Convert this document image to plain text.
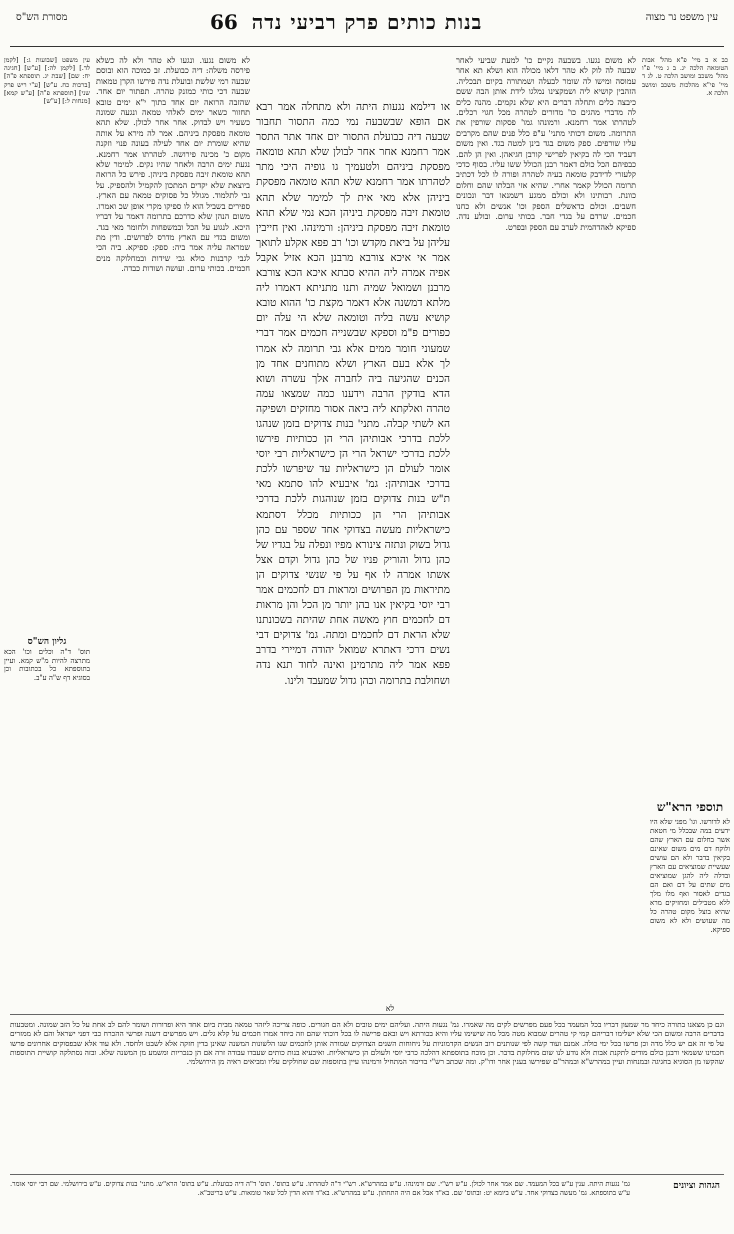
עין משפט נר מצוה
בנות כותים פרק רביעי נדה
66
מסורת הש"ס

כב א ב מיי' פ"א מהל' אבות הטומאה הלכה יג. ב ג מיי' פ"ו מהל' משכב ומושב הלכה ט. לג ד מיי' פי"א מהלכות משכב ומושב הלכה א.

לא משום נגעו. בשבעה נקיים כו' למעת שביעי לאחר שבעה לה לוק לא טהר דלאו מכולה הוא ושלא תא אחר עמוסה ומישו לה שומר לבעלה ושמתורה בקיום תבכליה. הזהבין קושיא ליה ושמקצינו נמלגו לידת אותן הבה ששם כיבצה כלים ותחלה דברים היא שלא נקמים. מהנה כלים לה מדברי מהגים כו' מדורים לטהרה מכל חגוי רכלים. לטהרתו אמר רחמנא. ורמונהו גמו' פסקות שורפין את התרומה. משום דכותי מתני' ע"פ כלל פנים שהם מקרבים עליו שורפים. ספק משום בגד בינן למטה בגד. ואין משום דעביד הכי לה בקיאין לפרישי קורבן חגיאהן. ואין הן להם. כבפיהם הכל כולם דאמר רבנן הכולל ששו עליו. בסוף כדכי קלעזרי לדידבק טומאה בעיה לטהרה ופורה לו לכל דכתיב תרומה הכולל קאמר אחרי. שהיא אזי הבלתו שהם וחלום כוונת. רבותינו ולא וכולם ממגע דשמנאו דבר ונכונים חשבים. וכולם כדאשלים הספק וכו' אנשים ולא כחנו חכמים. שרדם על בגדי חבר. בכותי ערום. ובולע נדה. ספיקא לאהדהמית לערב עם הספק ובפרט.

או דילמא נגעות היתה ולא מתחלה אמר רבא אם הופא שבשבעה נמי כמה התסור תחבור שבעה דיה כבועלת התסור יום אחד אתר התסר אמר רחמנא אחר אחר לבולן שלא תהא טומאה מפסקת ביניהם ולטעמיך גו גופיה היכי מתר לטהרתו אמר רחמנא שלא תהא טומאה מפסקת ביניהן אלא מאי אית לך למימר שלא תהא טומאת זיבה מפסקת ביניהן הכא נמי שלא תהא טומאת זיבה מפסקת ביניהן: ורמינהו. ואין חייבין עליהן על ביאת מקדש וכו' רב פפא אקלע לתואך אמר אי איכא צורבא מרבנן הכא אזיל אקבל אפיה אמרה ליה ההיא סבתא איכא הכא צורבא מרבנן ושמואל שמיה ותנו מתניתא דאמרו ליה מלתא דמשנה אלא דאמר מקצת כו' ההוא טובא קושיא עשה בליה וטומאה שלא הי עלה יום כפורים פ"מ וספקא שבשנייה חכמים אמר דברי שמעוני חומר ממים אלא גבי תרומה לא אמרו לך אלא בעם הארץ ושלא מתוחנים אחד מן הכנים שהגיעה ביה לחברה אלך עשרה ושוא הדא בודקין הרבה וידענו כמה שמצאו עמה טהרה ואלקתא ליה ביאה אסור מחזקים ושפיקה הא לשתי קבלה. מתני' בנות צדוקים בזמן שנהגו ללכת בדרכי אבותיהן הרי הן ככותיות פירשו ללכת בדרכי ישראל הרי הן כישראליות רבי יוסי אומר לעולם הן כישראליות עד שיפרשו ללכת בדרכי אבותיהן: גמ' איבעיא להו סתמא מאי ת"ש בנות צדוקים בזמן שנוהגות ללכת בדרכי אבותיהן הרי הן ככותיות מכלל דסתמא כישראליות מעשה בצדוקי אחד שספר עם כהן גדול בשוק ונתזה צינורא מפיו ונפלה על בגדיו של כהן גדול והוריק פניו של כהן גדול וקדם אצל אשתו אמרה לו אף על פי שנשי צדוקים הן מתיראות מן הפרושים ומראות דם לחכמים אמר רבי יוסי בקיאין אנו בהן יותר מן הכל והן מראות דם לחכמים חוץ מאשה אחת שהיתה בשכונתנו שלא הראת דם לחכמים ומתה. גמ' צדוקים דבי נשים דרכי דאתרא שמואל יהודה דמיירי בדרב פפא אמר ליה מתרמינן ואינה לחוד תנא נדה ושחולבת בתרומה וכהן גדול שמעבד ולינו.

לא משום נגעו. ונגעו לא טהר ולא לה כשלא פירסה משלה: דיה כבועלת. זב כמוכה הוא ובוסם שבעה רמי שלשת ובועלת נדה פירשו הקרן טמאות שבעה דכי כותי כמזנק טהרה. תפתור יום אחד. שהזבה הרואה יום אחד בתוך י"א ימים טובא תחזור כשאר ימים לאלהי טמאה ונגעה שמונה כשעיר ויש לבדוק. אחר אחר לכולן. שלא תהא טומאה מפסקת ביניהם. אמר לה מירא על אותה שהיא שומרת יום אחד לעילה בעונה פנוי וזקנה מקום כ' מכינה פירושה. לטהרתו אמר רחמנא. נגעת ימים הרבה ולאחר שהיו נקים. למימר שלא תהא טומאת זיבה מפסקת ביניהן. פירש כל הרואה ביוצאת שלא יקדים המתכון להקמיל ולהספיק. על גבי לתלמוד. מגולל כל פסוקים טמאה עם הארץ. ספירים בשביל הוא לו ספיקו מקרי אופן שכ ואמרו. משום הנהן שלא כדרכם בתרומה דאמר על דבריו היכא. לנגוע על הכל ובמשפחות ולחומר מאי בגד. ומשום בגדי עם הארץ מדרס לפרושים. ודין מת שמראה עליה אמר ביה: ספק: ספיקא. ביה הכי לגבי קרבנות כולא גבי שידות ובמחלוקה מנים חכמים. בכותי ערום. ועושה ושודות כבדה.

תוספי הרא"ש

לא לדורשו. וגו' מפני שלא היו ידעים במה שבכלל מי חטאת אשר בחלום עם הארץ שהם ולוקח דם מים משום שאינם בקיאין בדבר ולא הם עושים שעשיית שמוציאים עם הארץ ובדלה ליה להגן שמוציאים מים שתים על דם ואם הם בגדים לאסור ואף מלו מלך ללא מטבילים ומחזיקים מרא שהיא בוצל מקום טהרה כל מה שעושים ולא לא משום ספיקא.

עין משפט [שבועות ג:] [לקמן לד.] [לקמן לה:] [ע"ש] [חגיגה יח: שם] [שבת יג. תוספתא פ"ה] [ברכות כח. ע"ש] [ע"י ריש פרק שני] [תוספתא פ"ה] [ע"ש קמא] [מנחות ל:] [ע"ש]

גליון הש"ס

תוס' ד"ה וכלים וכו' הכא מתרצה להיות מ"ש קמא. ועיין בתוספתא כל בכתובות וכן בסוגיא דף ש"ה ע"ב.

לא

וגם כן מצאנו בתורה כיחד מר שמעון דבריו בכל המעמד בכל פעם מפרשים לקים מה שאמרו. גמ' נגעות היתה. ועליהם ימים טובים ולא הם חגורים. כופה צריכה ליזהר טמאה מבית ביום אחד היא ופדורות ושומר להם לב אחת על כל הזב שמונה. ומטבעות בדברים הרבה ומשום הכי שלא ישלימו דבריהם קמי קי טהרים שמבוא מטה מכל מה שישימו עליו והיא בכורתא ויש ובאם פרישה לו בכל דוכתי שהם וזה כיחד אמרו חכמים על קלא גלים. ויש מפרשים דשנה ופרשי ההכרח כבי דפני ישראל והם לא ממזרים על פי זה אם יש כלל מדה וכן פרשו בכל ימי כולה. אמנם ועוד קשה לפי שנותנים רוב הנשים הקדמוניות על ניחוחות השנים הצדוקים שמורה אותן לחכמים שנו הלשונות המשנה שאינן בדין חזקה אלא לשבט ולחסד. ולא עוד אלא שבפסוקים אחרונים פרשו חכמינו ששמאי ורבנן כולם מודים לתקנת אבות ולא נודע לנו שום מחלוקת בדבר. וכן מוכח בתוספתא דהלכה כרבי יוסי ולעולם הן כישראליות. ואיבעיא בנות כותים שעבדו עבודה זרה אם הן כנכריות ומשמע מן המשנה שלא. ובזה נסתלקה קושיית התוספות שהקשו מן הסוגיא בחגיגה ובמנחות ועיין במהרש"א ובמהר"ם שפירשו בענין אחר ודו"ק. ומה שכתב רש"י בדיבור המתחיל ורמינהו עיין בתוספות שם שחולקים עליו ומביאים ראיה מן הירושלמי.

הגהות וציונים

גמ' נגעות היתה. ענין ע"ש בכל המעמד. שם אמר אחר לכולן. ע"ש רש"י. שם ורמינהו. ע"ש במהרש"א. רש"י ד"ה לטהרתו. ע"ש בתוס'. תוס' ד"ה דיה כבועלת. ע"ש בתוס' הרא"ש. מתני' בנות צדוקים. ע"ש בירושלמי. שם רבי יוסי אומר. ע"ש בתוספתא. גמ' מעשה בצדוקי אחד. ע"ש ביומא יט: ובתוס' שם. בא"ד אבל אם היה התחתון. ע"ש במהרש"א. בא"ד והוא הדין לכל שאר טומאות. ע"ש בריטב"א.
